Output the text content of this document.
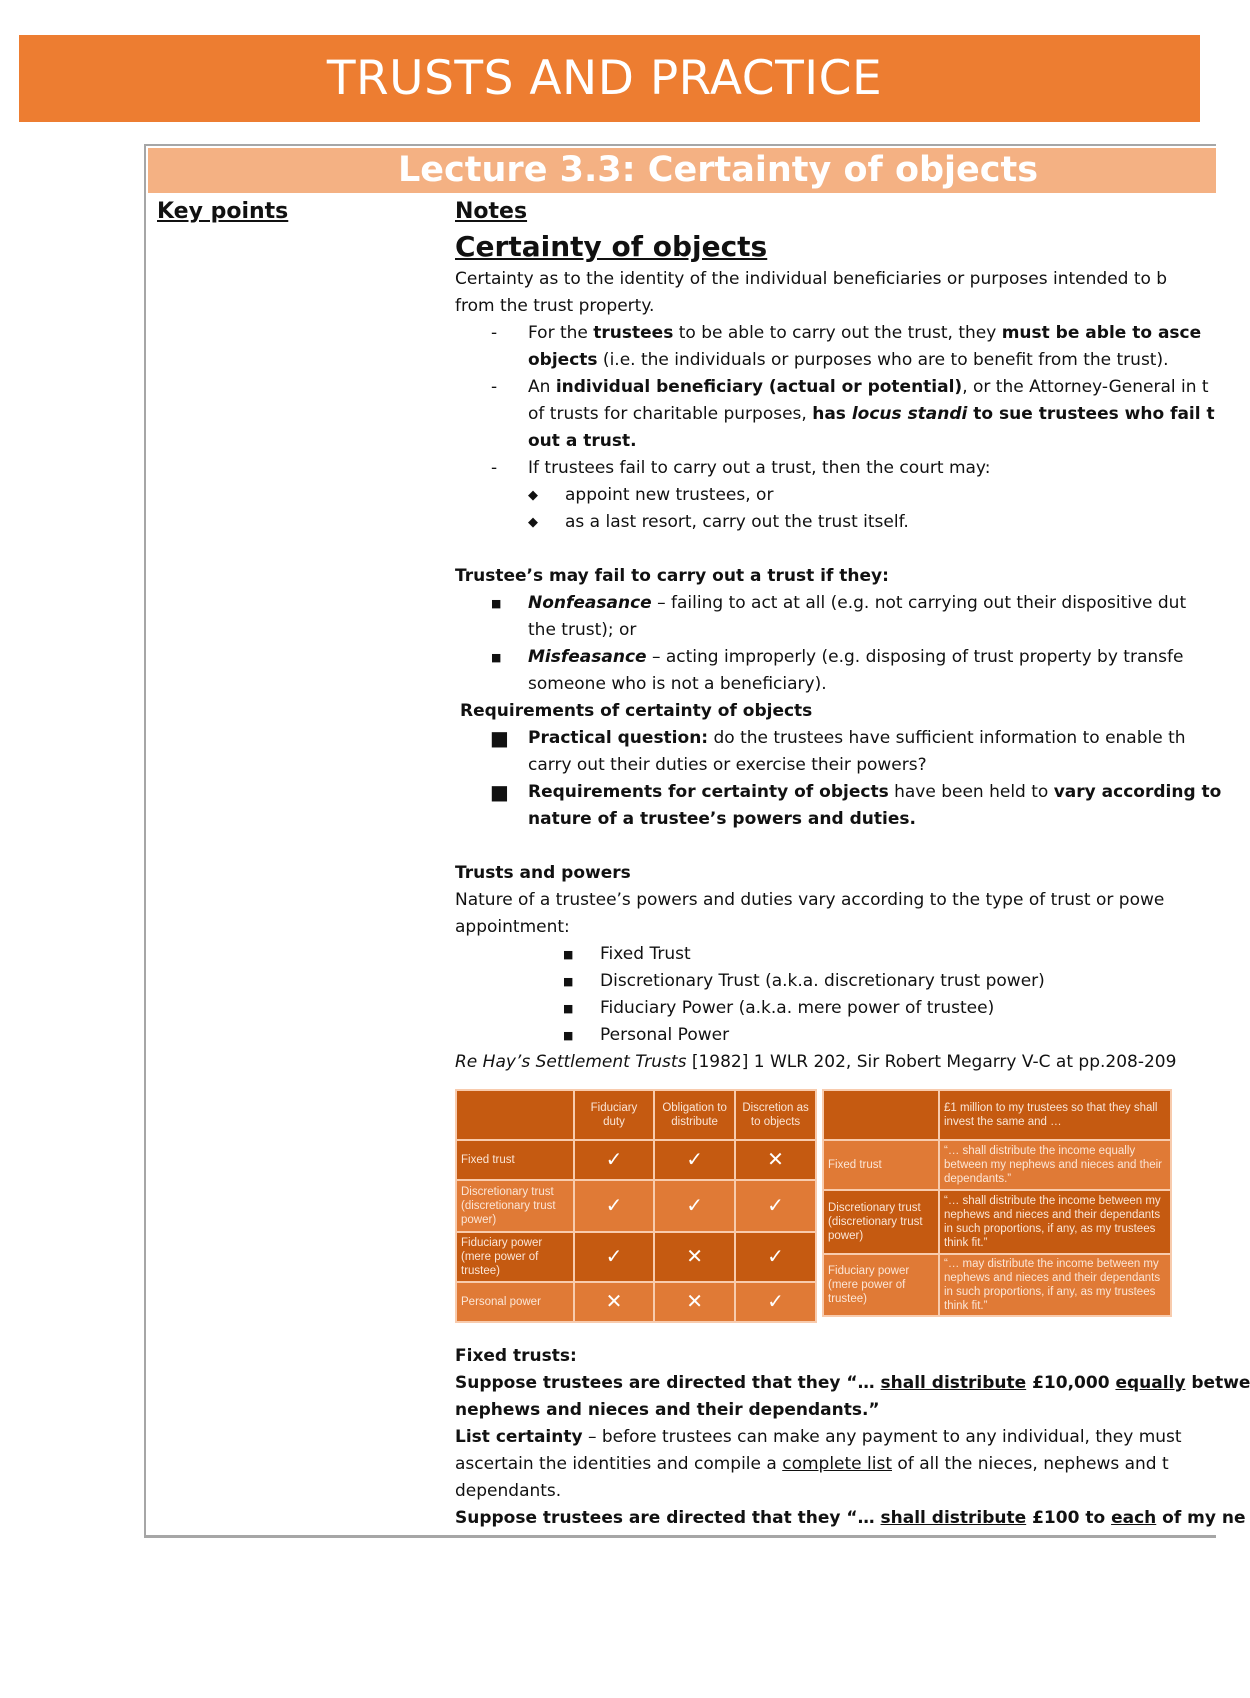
TRUSTS AND PRACTICE
Lecture 3.3: Certainty of objects
Key points	Notes

Certainty of objects

Certainty as to the identity of the individual beneficiaries or purposes intended to b

from the trust property.

- For the trustees to be able to carry out the trust, they must be able to asce

objects (i.e. the individuals or purposes who are to benefit from the trust).

- An individual beneficiary (actual or potential), or the Attorney-General in t

of trusts for charitable purposes, has locus standi to sue trustees who fail t

out a trust.

- If trustees fail to carry out a trust, then the court may:

◆ appoint new trustees, or

◆ as a last resort, carry out the trust itself.

Trustee’s may fail to carry out a trust if they:

■ Nonfeasance – failing to act at all (e.g. not carrying out their dispositive dut

the trust); or

■ Misfeasance – acting improperly (e.g. disposing of trust property by transfe

someone who is not a beneficiary).

Requirements of certainty of objects

■ Practical question: do the trustees have sufficient information to enable th

carry out their duties or exercise their powers?

■ Requirements for certainty of objects have been held to vary according to

nature of a trustee’s powers and duties.

Trusts and powers

Nature of a trustee’s powers and duties vary according to the type of trust or powe

appointment:

■ Fixed Trust

■ Discretionary Trust (a.k.a. discretionary trust power)

■ Fiduciary Power (a.k.a. mere power of trustee)

■ Personal Power

Re Hay’s Settlement Trusts [1982] 1 WLR 202, Sir Robert Megarry V-C at pp.208-209

	Fiduciary duty	Obligation to distribute	Discretion as to objects
Fixed trust	✓	✓	✕
Discretionary trust (discretionary trust power)	✓	✓	✓
Fiduciary power (mere power of trustee)	✓	✕	✓
Personal power	✕	✕	✓
	£1 million to my trustees so that they shall invest the same and …
Fixed trust	“… shall distribute the income equally between my nephews and nieces and their dependants.”
Discretionary trust (discretionary trust power)	“… shall distribute the income between my nephews and nieces and their dependants in such proportions, if any, as my trustees think fit.”
Fiduciary power (mere power of trustee)	“… may distribute the income between my nephews and nieces and their dependants in such proportions, if any, as my trustees think fit.”

Fixed trusts:

Suppose trustees are directed that they “… shall distribute £10,000 equally betwe

nephews and nieces and their dependants.”

List certainty – before trustees can make any payment to any individual, they must

ascertain the identities and compile a complete list of all the nieces, nephews and t

dependants.

Suppose trustees are directed that they “… shall distribute £100 to each of my ne
